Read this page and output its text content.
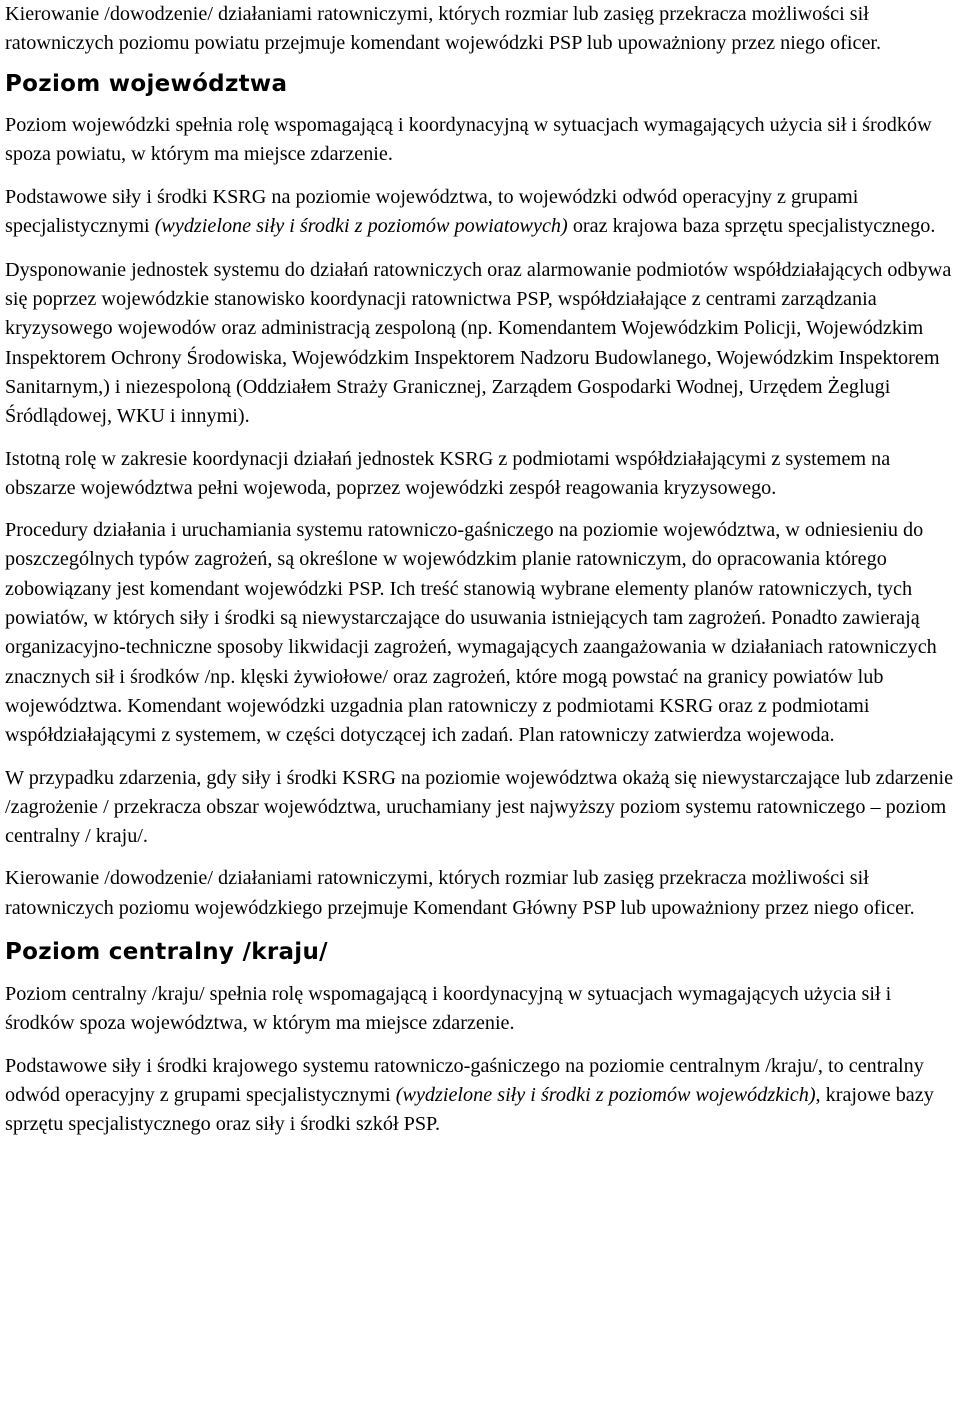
Kierowanie /dowodzenie/ działaniami ratowniczymi, których rozmiar lub zasięg przekracza możliwości sił ratowniczych poziomu powiatu przejmuje komendant wojewódzki PSP lub upoważniony przez niego oficer.

Poziom województwa

Poziom wojewódzki spełnia rolę wspomagającą i koordynacyjną w sytuacjach wymagających użycia sił i środków spoza powiatu, w którym ma miejsce zdarzenie.

Podstawowe siły i środki KSRG na poziomie województwa, to wojewódzki odwód operacyjny z grupami specjalistycznymi (wydzielone siły i środki z poziomów powiatowych) oraz krajowa baza sprzętu specjalistycznego.

Dysponowanie jednostek systemu do działań ratowniczych oraz alarmowanie podmiotów współdziałających odbywa się poprzez wojewódzkie stanowisko koordynacji ratownictwa PSP, współdziałające z centrami zarządzania kryzysowego wojewodów oraz administracją zespoloną (np. Komendantem Wojewódzkim Policji, Wojewódzkim Inspektorem Ochrony Środowiska, Wojewódzkim Inspektorem Nadzoru Budowlanego, Wojewódzkim Inspektorem Sanitarnym,) i niezespoloną (Oddziałem Straży Granicznej, Zarządem Gospodarki Wodnej, Urzędem Żeglugi Śródlądowej, WKU i innymi).

Istotną rolę w zakresie koordynacji działań jednostek KSRG z podmiotami współdziałającymi z systemem na obszarze województwa pełni wojewoda, poprzez wojewódzki zespół reagowania kryzysowego.

Procedury działania i uruchamiania systemu ratowniczo-gaśniczego na poziomie województwa, w odniesieniu do poszczególnych typów zagrożeń, są określone w wojewódzkim planie ratowniczym, do opracowania którego zobowiązany jest komendant wojewódzki PSP. Ich treść stanowią wybrane elementy planów ratowniczych, tych powiatów, w których siły i środki są niewystarczające do usuwania istniejących tam zagrożeń. Ponadto zawierają organizacyjno-techniczne sposoby likwidacji zagrożeń, wymagających zaangażowania w działaniach ratowniczych znacznych sił i środków /np. klęski żywiołowe/ oraz zagrożeń, które mogą powstać na granicy powiatów lub województwa. Komendant wojewódzki uzgadnia plan ratowniczy z podmiotami KSRG oraz z podmiotami współdziałającymi z systemem, w części dotyczącej ich zadań. Plan ratowniczy zatwierdza wojewoda.

W przypadku zdarzenia, gdy siły i środki KSRG na poziomie województwa okażą się niewystarczające lub zdarzenie /zagrożenie / przekracza obszar województwa, uruchamiany jest najwyższy poziom systemu ratowniczego – poziom centralny / kraju/.

Kierowanie /dowodzenie/ działaniami ratowniczymi, których rozmiar lub zasięg przekracza możliwości sił ratowniczych poziomu wojewódzkiego przejmuje Komendant Główny PSP lub upoważniony przez niego oficer.

Poziom centralny /kraju/

Poziom centralny /kraju/ spełnia rolę wspomagającą i koordynacyjną w sytuacjach wymagających użycia sił i środków spoza województwa, w którym ma miejsce zdarzenie.

Podstawowe siły i środki krajowego systemu ratowniczo-gaśniczego na poziomie centralnym /kraju/, to centralny odwód operacyjny z grupami specjalistycznymi (wydzielone siły i środki z poziomów wojewódzkich), krajowe bazy sprzętu specjalistycznego oraz siły i środki szkół PSP.
